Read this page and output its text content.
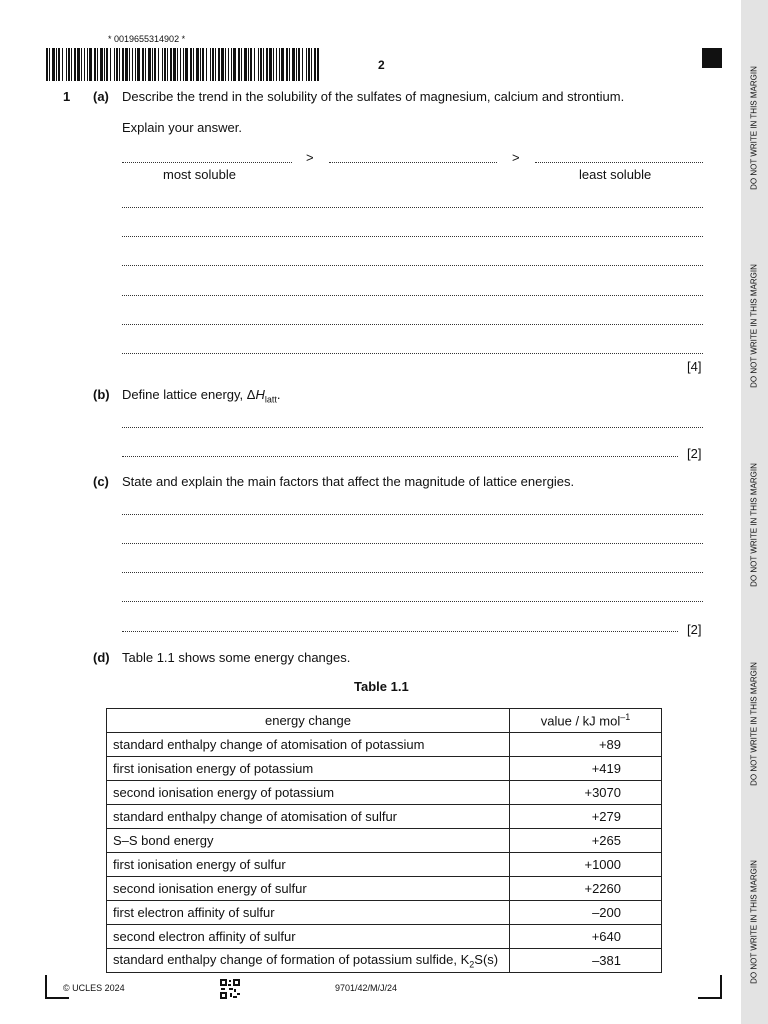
* 0019655314902 *
2
DO NOT WRITE IN THIS MARGIN
DO NOT WRITE IN THIS MARGIN
DO NOT WRITE IN THIS MARGIN
DO NOT WRITE IN THIS MARGIN
DO NOT WRITE IN THIS MARGIN
1 (a) Describe the trend in the solubility of the sulfates of magnesium, calcium and strontium.
Explain your answer.
>	>
most soluble	least soluble
[4]
(b) Define lattice energy, $\Delta H_{latt}$.
[2]
(c) State and explain the main factors that affect the magnitude of lattice energies.
[2]
(d) Table 1.1 shows some energy changes.
Table 1.1
energy change	value / kJ mol$^{-1}$
standard enthalpy change of atomisation of potassium	+89
first ionisation energy of potassium	+419
second ionisation energy of potassium	+3070
standard enthalpy change of atomisation of sulfur	+279
S–S bond energy	+265
first ionisation energy of sulfur	+1000
second ionisation energy of sulfur	+2260
first electron affinity of sulfur	–200
second electron affinity of sulfur	+640
standard enthalpy change of formation of potassium sulfide, $K_2S(s)$	–381
© UCLES 2024	9701/42/M/J/24
